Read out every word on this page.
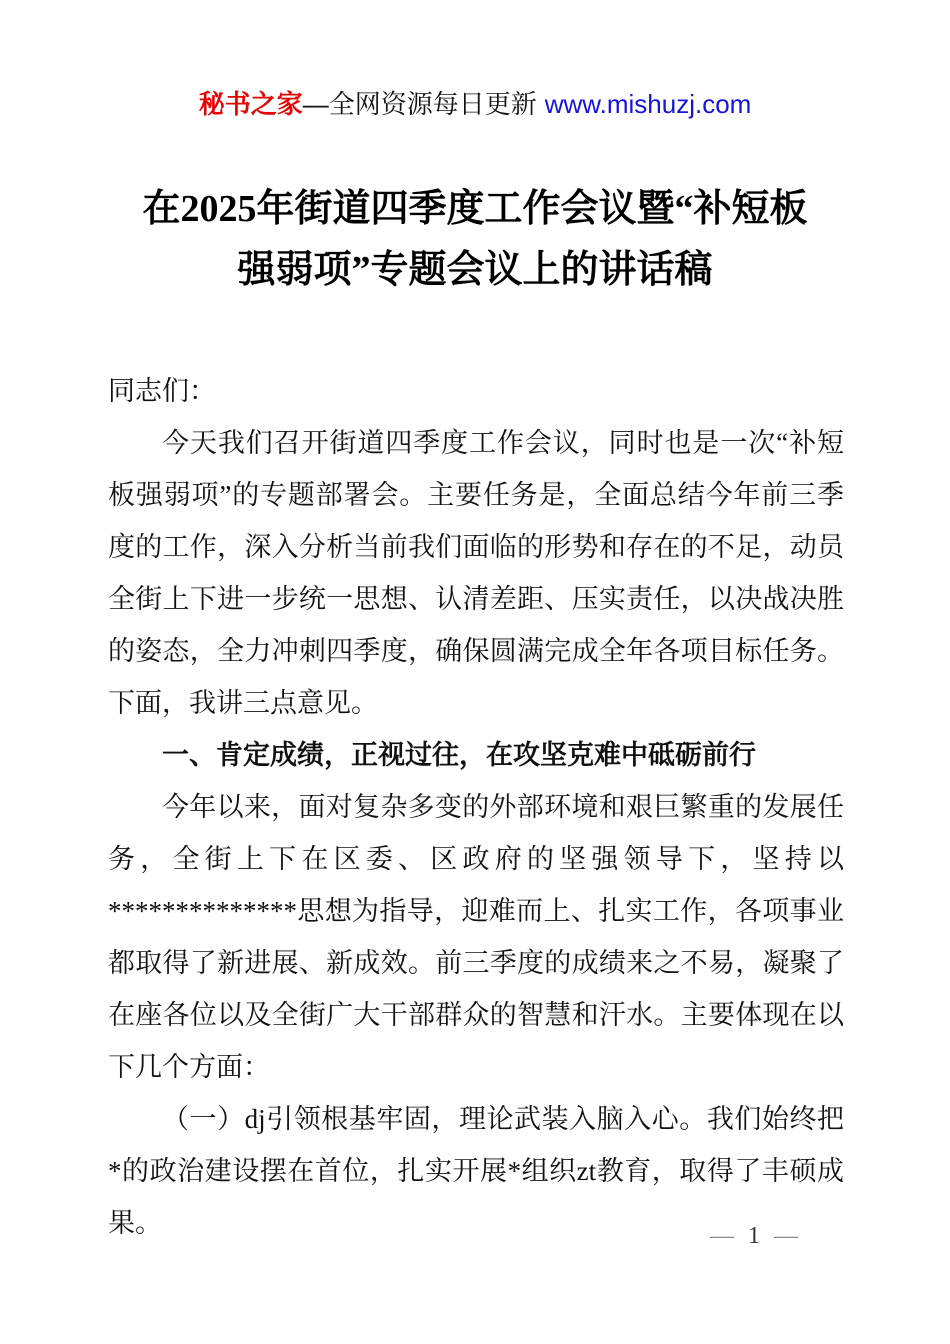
秘书之家—全网资源每日更新 www.mishuzj.com
在2025年街道四季度工作会议暨“补短板强弱项”专题会议上的讲话稿

同志们：

今天我们召开街道四季度工作会议，同时也是一次“补短板强弱项”的专题部署会。主要任务是，全面总结今年前三季度的工作，深入分析当前我们面临的形势和存在的不足，动员全街上下进一步统一思想、认清差距、压实责任，以决战决胜的姿态，全力冲刺四季度，确保圆满完成全年各项目标任务。下面，我讲三点意见。

一、肯定成绩，正视过往，在攻坚克难中砥砺前行

今年以来，面对复杂多变的外部环境和艰巨繁重的发展任务，全街上下在区委、区政府的坚强领导下，坚持以**************思想为指导，迎难而上、扎实工作，各项事业都取得了新进展、新成效。前三季度的成绩来之不易，凝聚了在座各位以及全街广大干部群众的智慧和汗水。主要体现在以下几个方面：

（一）dj引领根基牢固，理论武装入脑入心。我们始终把*的政治建设摆在首位，扎实开展*组织zt教育，取得了丰硕成果。	— 1 —
